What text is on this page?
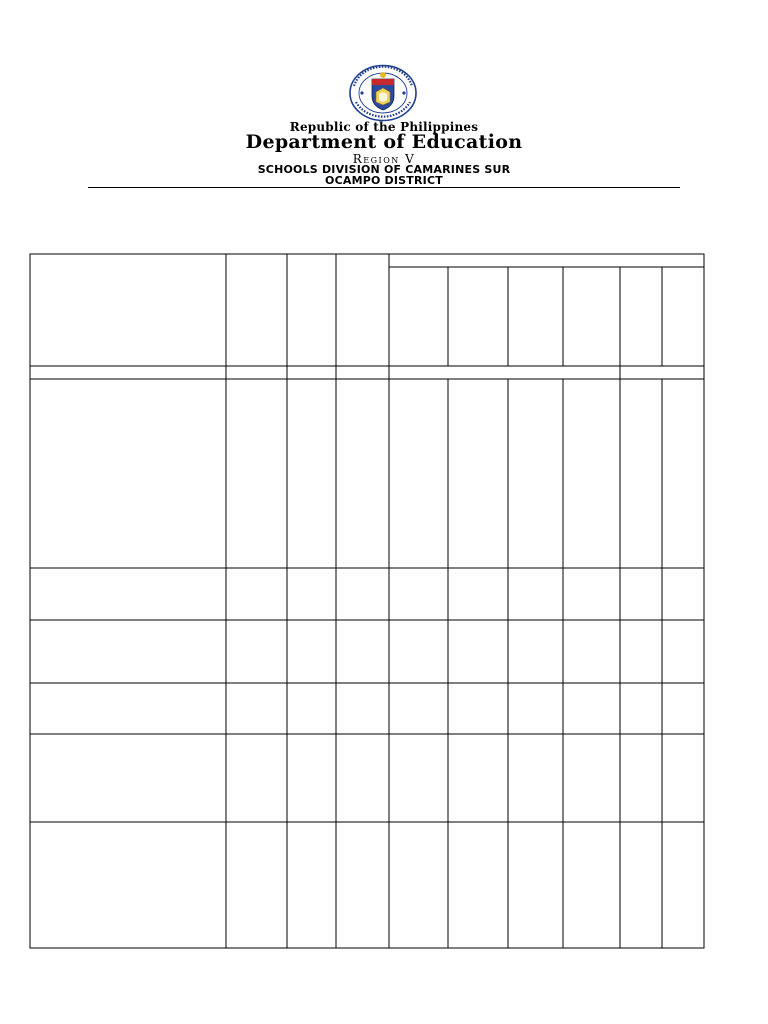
Republic of the Philippines
Department of Education
Region V
SCHOOLS DIVISION OF CAMARINES SUR
OCAMPO DISTRICT
